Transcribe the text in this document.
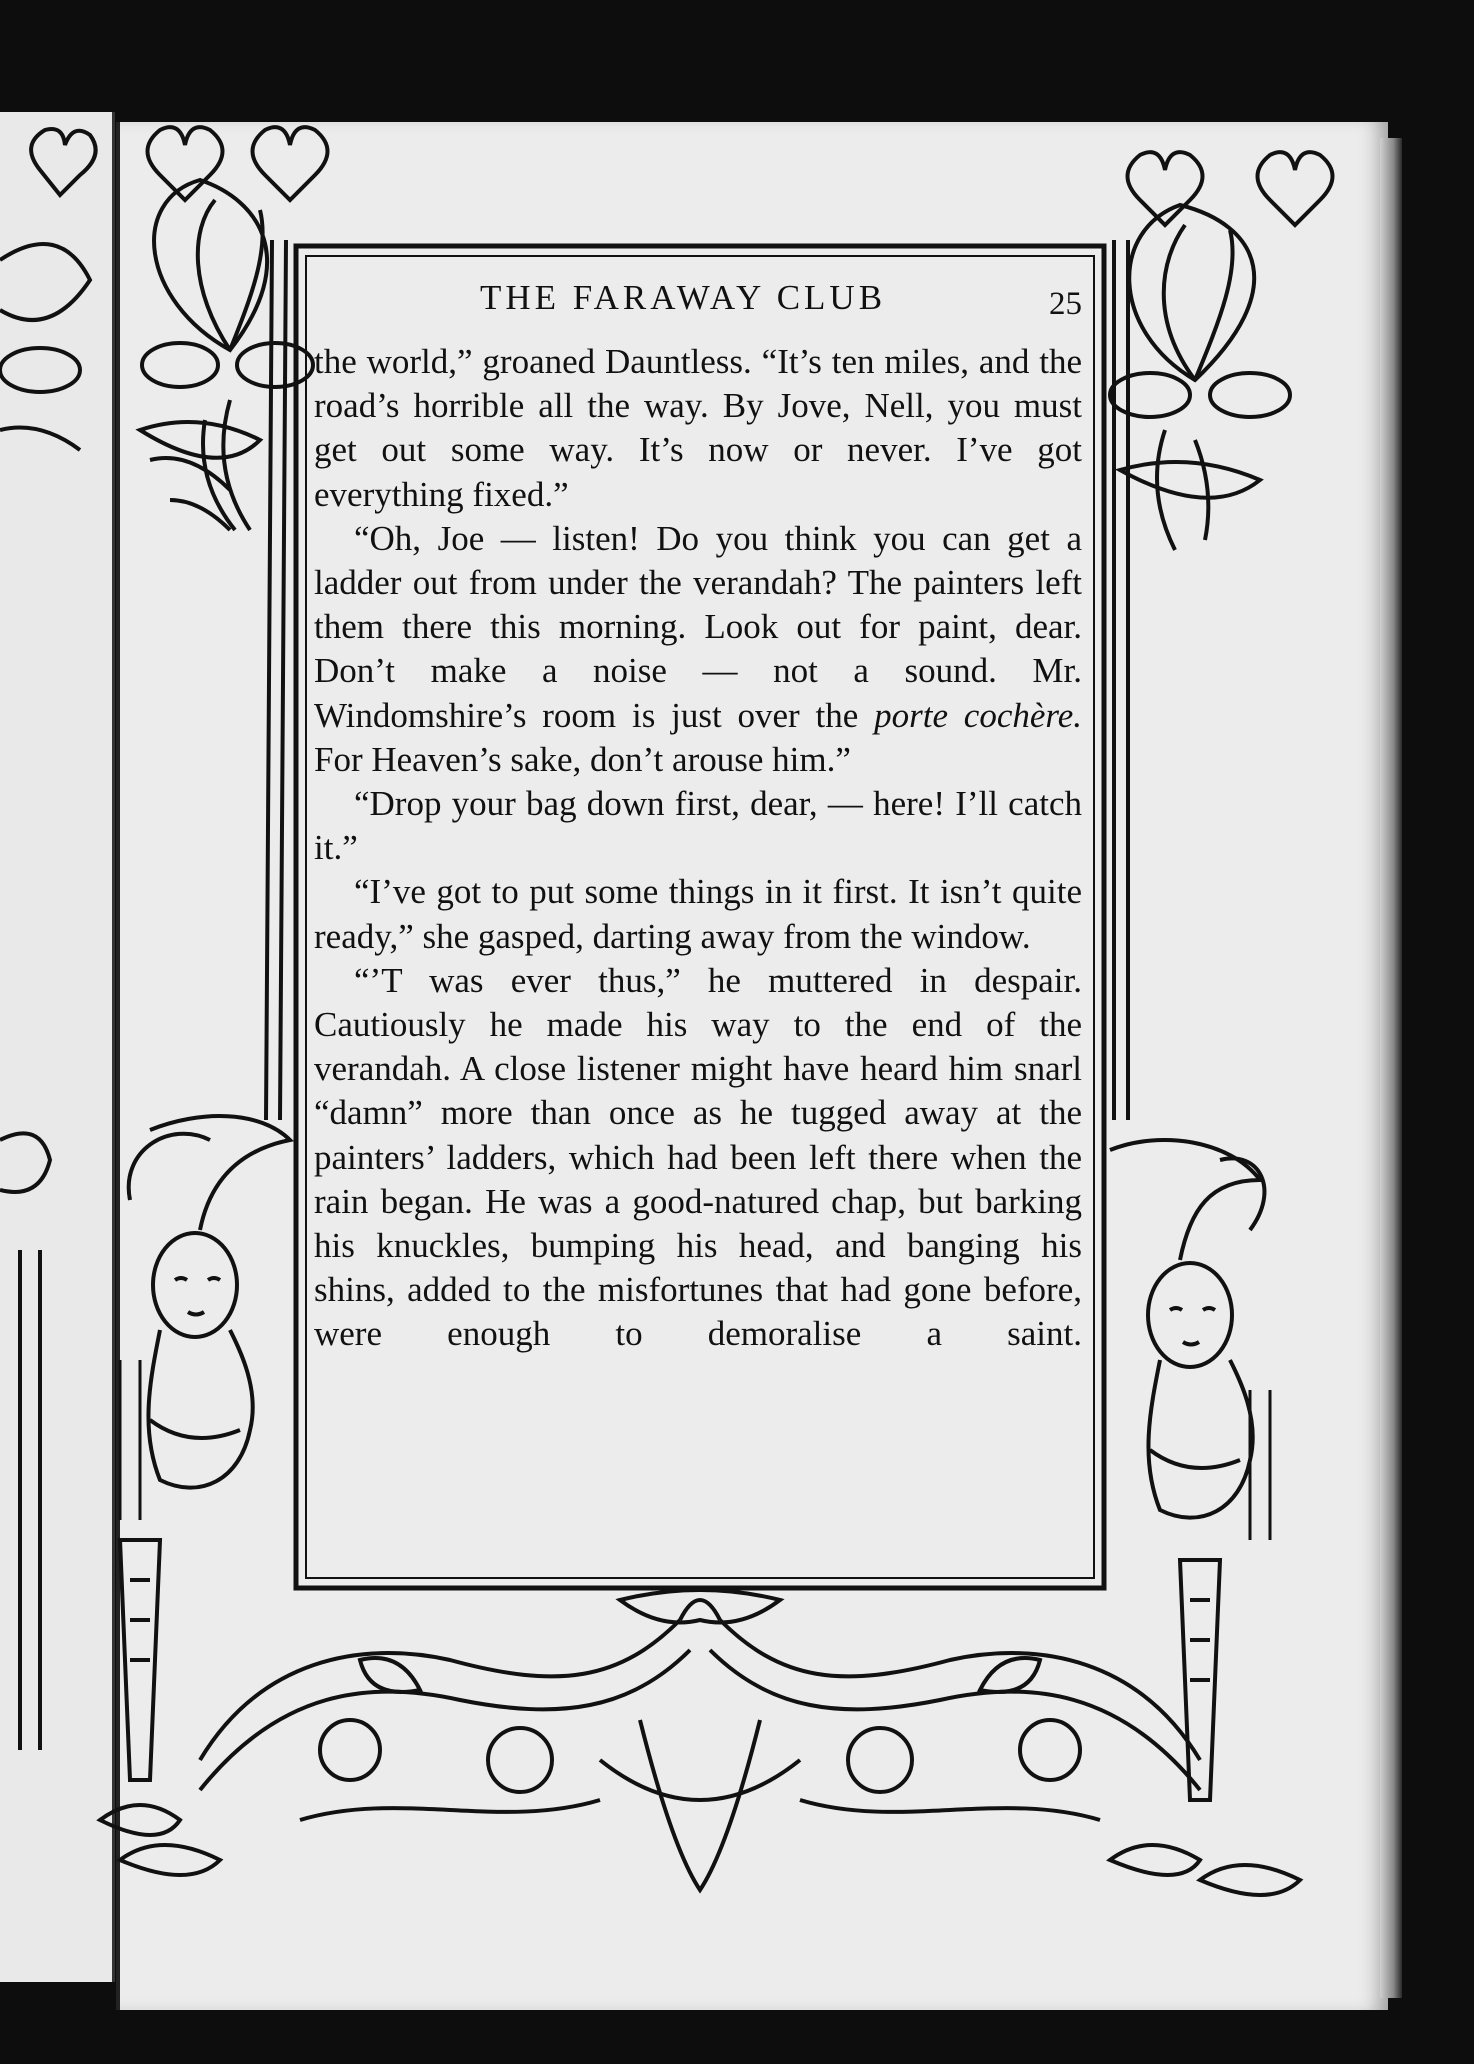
THE FARAWAY CLUB	25

the world,” groaned Dauntless. “It’s ten miles, and the road’s horrible all the way. By Jove, Nell, you must get out some way. It’s now or never. I’ve got everything fixed.”

“Oh, Joe — listen! Do you think you can get a ladder out from under the verandah? The painters left them there this morning. Look out for paint, dear. Don’t make a noise — not a sound. Mr. Windomshire’s room is just over the porte cochère. For Heaven’s sake, don’t arouse him.”

“Drop your bag down first, dear, — here! I’ll catch it.”

“I’ve got to put some things in it first. It isn’t quite ready,” she gasped, darting away from the window.

“’T was ever thus,” he muttered in despair. Cautiously he made his way to the end of the verandah. A close listener might have heard him snarl “damn” more than once as he tugged away at the painters’ ladders, which had been left there when the rain began. He was a good-natured chap, but barking his knuckles, bumping his head, and banging his shins, added to the misfortunes that had gone before, were enough to demoralise a saint.
